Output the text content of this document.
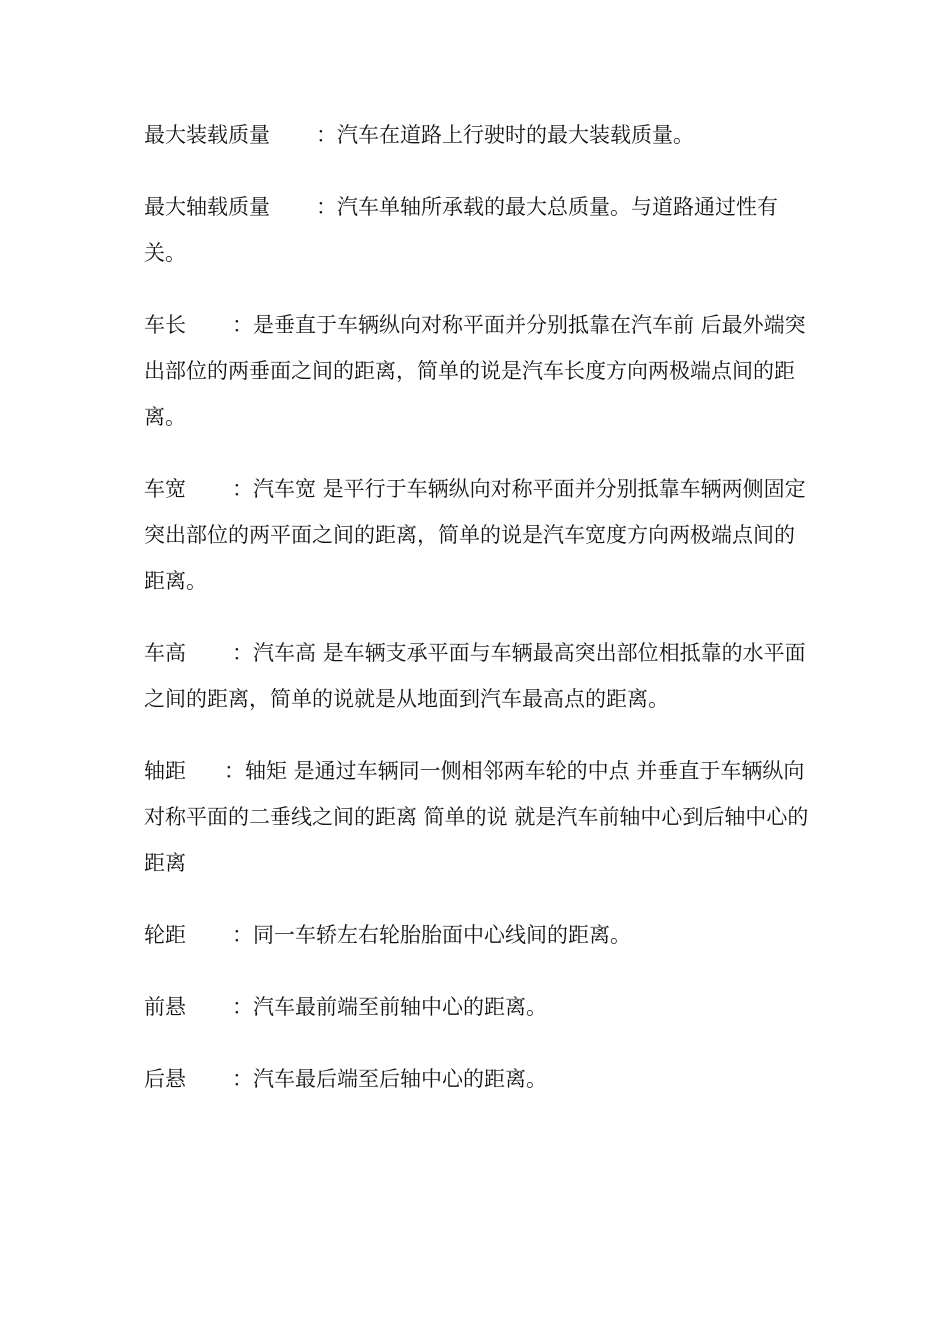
最大装载质量 ：汽车在道路上行驶时的最大装载质量。

最大轴载质量 ：汽车单轴所承载的最大总质量。与道路通过性有关。

车长 ：是垂直于车辆纵向对称平面并分别抵靠在汽车前 后最外端突出部位的两垂面之间的距离，简单的说是汽车长度方向两极端点间的距离。

车宽 ：汽车宽 是平行于车辆纵向对称平面并分别抵靠车辆两侧固定突出部位的两平面之间的距离，简单的说是汽车宽度方向两极端点间的距离。

车高 ：汽车高 是车辆支承平面与车辆最高突出部位相抵靠的水平面之间的距离，简单的说就是从地面到汽车最高点的距离。

轴距 ：轴矩 是通过车辆同一侧相邻两车轮的中点 并垂直于车辆纵向对称平面的二垂线之间的距离 简单的说 就是汽车前轴中心到后轴中心的距离

轮距 ：同一车轿左右轮胎胎面中心线间的距离。

前悬 ：汽车最前端至前轴中心的距离。

后悬 ：汽车最后端至后轴中心的距离。
